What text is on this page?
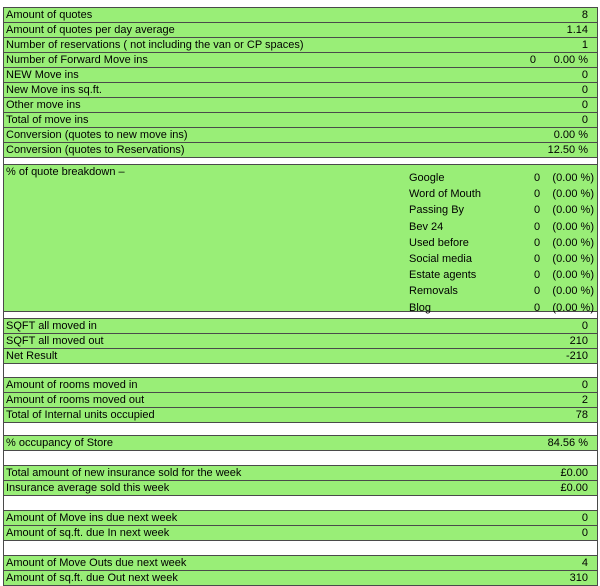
Amount of quotes	8
Amount of quotes per day average	1.14
Number of reservations ( not including the van or CP spaces)	1
Number of Forward Move ins	0 0.00 %
NEW Move ins	0
New Move ins sq.ft.	0
Other move ins	0
Total of move ins	0
Conversion (quotes to new move ins)	0.00 %
Conversion (quotes to Reservations)	12.50 %
% of quote breakdown –	Google	0 (0.00 %)
Word of Mouth	0 (0.00 %)
Passing By	0 (0.00 %)
Bev 24	0 (0.00 %)
Used before	0 (0.00 %)
Social media	0 (0.00 %)
Estate agents	0 (0.00 %)
Removals	0 (0.00 %)
Blog	0 (0.00 %)
SQFT all moved in	0
SQFT all moved out	210
Net Result	-210
Amount of rooms moved in	0
Amount of rooms moved out	2
Total of Internal units occupied	78
% occupancy of Store	84.56 %
Total amount of new insurance sold for the week	£0.00
Insurance average sold this week	£0.00
Amount of Move ins due next week	0
Amount of sq.ft. due In next week	0
Amount of Move Outs due next week	4
Amount of sq.ft. due Out next week	310
